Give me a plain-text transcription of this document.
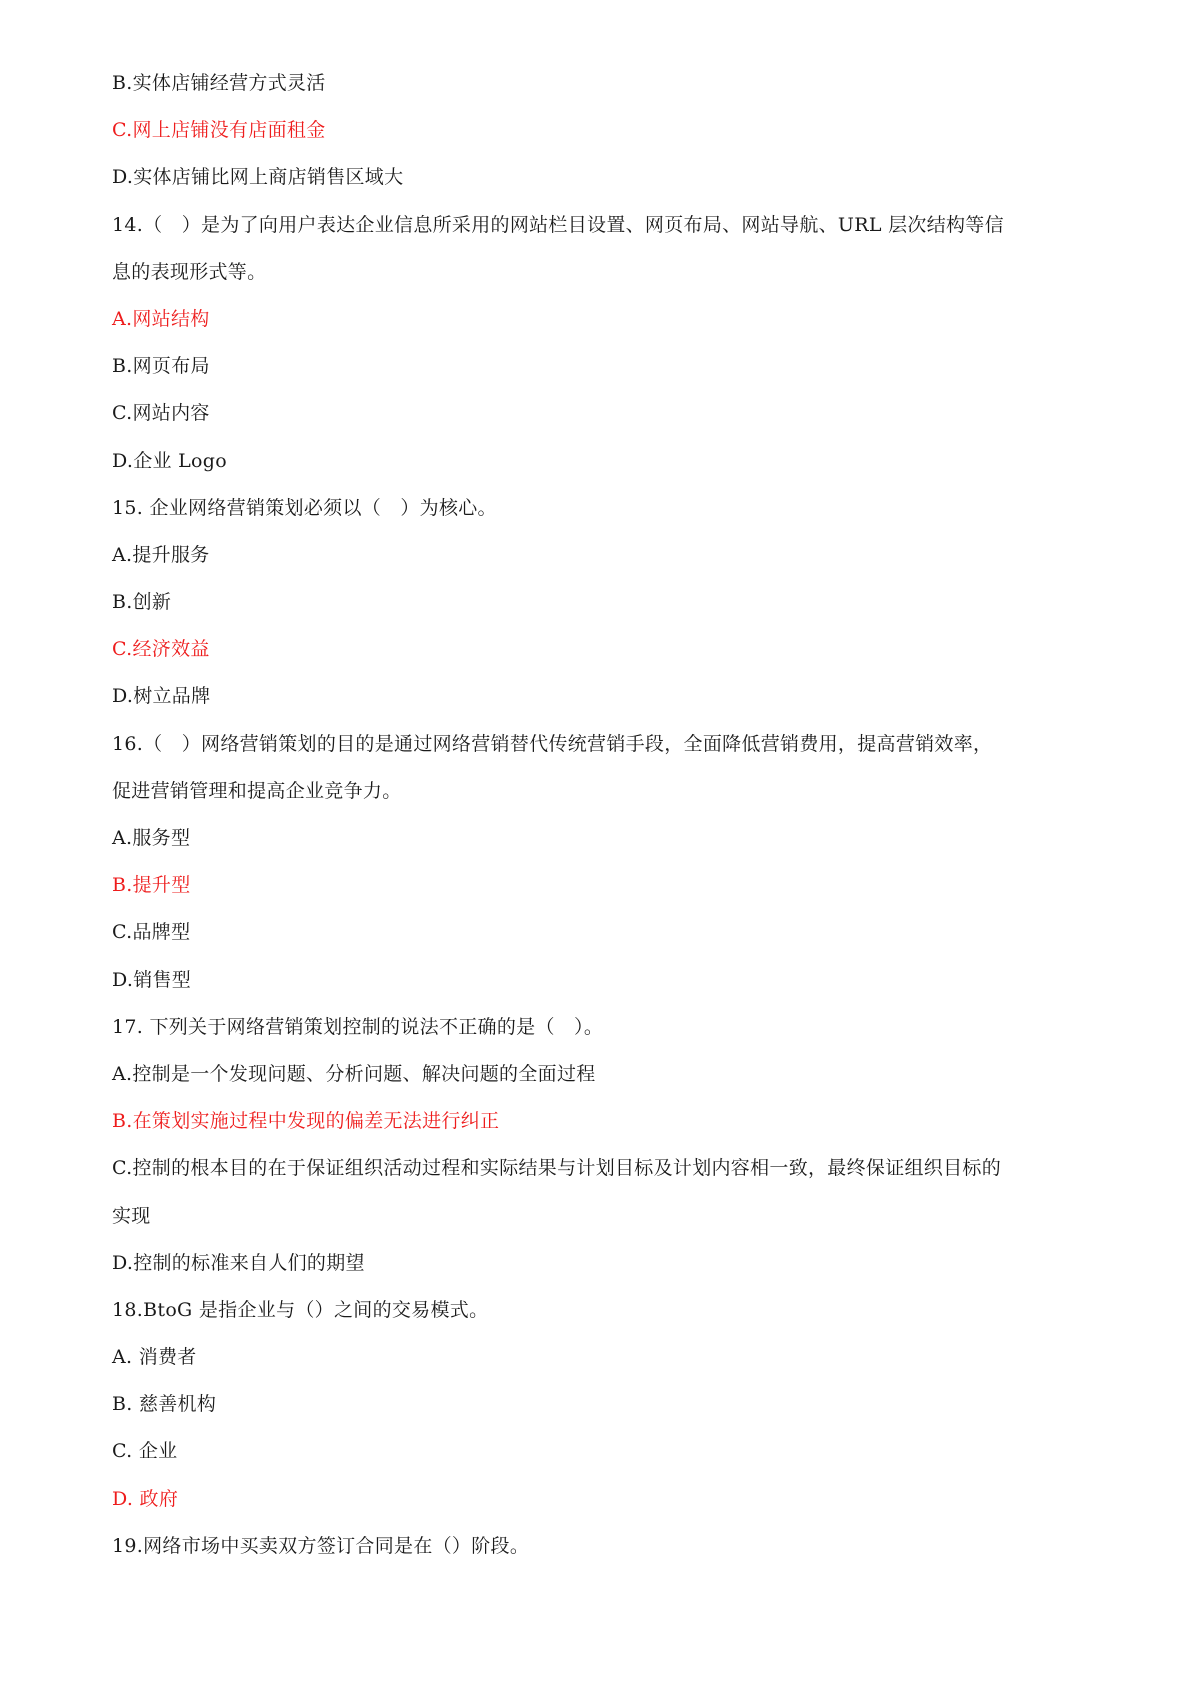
B.实体店铺经营方式灵活
C.网上店铺没有店面租金
D.实体店铺比网上商店销售区域大
14.（　）是为了向用户表达企业信息所采用的网站栏目设置、网页布局、网站导航、URL 层次结构等信
息的表现形式等。
A.网站结构
B.网页布局
C.网站内容
D.企业 Logo
15. 企业网络营销策划必须以（　）为核心。
A.提升服务
B.创新
C.经济效益
D.树立品牌
16.（　）网络营销策划的目的是通过网络营销替代传统营销手段，全面降低营销费用，提高营销效率，
促进营销管理和提高企业竞争力。
A.服务型
B.提升型
C.品牌型
D.销售型
17. 下列关于网络营销策划控制的说法不正确的是（　）。
A.控制是一个发现问题、分析问题、解决问题的全面过程
B.在策划实施过程中发现的偏差无法进行纠正
C.控制的根本目的在于保证组织活动过程和实际结果与计划目标及计划内容相一致，最终保证组织目标的
实现
D.控制的标准来自人们的期望
18.BtoG 是指企业与（）之间的交易模式。
A. 消费者
B. 慈善机构
C. 企业
D. 政府
19.网络市场中买卖双方签订合同是在（）阶段。
